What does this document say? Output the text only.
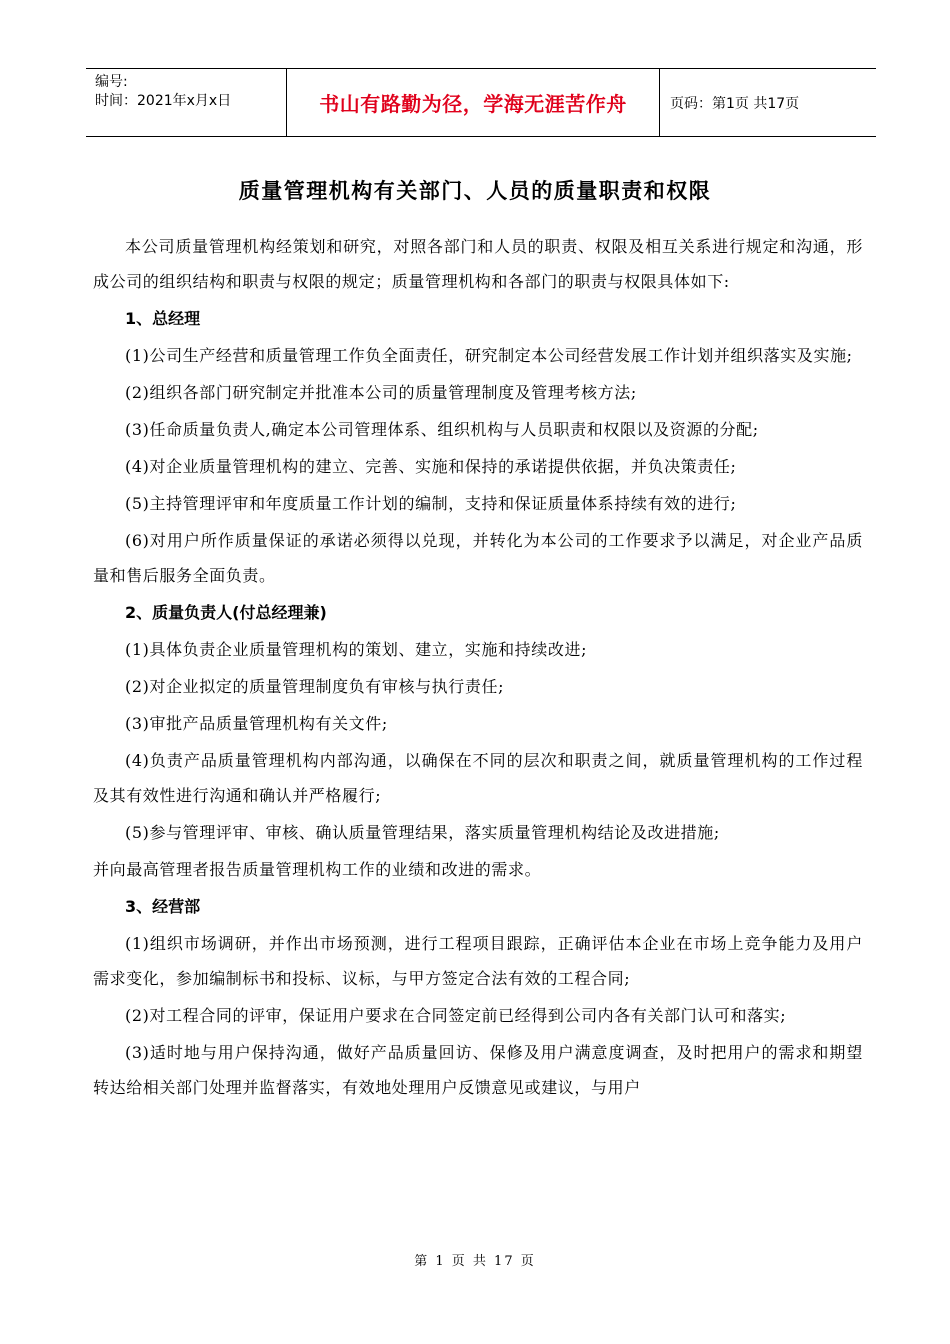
编号:
时间：2021年x月x日	书山有路勤为径，学海无涯苦作舟	页码：第1页 共17页
质量管理机构有关部门、人员的质量职责和权限

本公司质量管理机构经策划和研究，对照各部门和人员的职责、权限及相互关系进行规定和沟通，形成公司的组织结构和职责与权限的规定；质量管理机构和各部门的职责与权限具体如下:

1、总经理

(1)公司生产经营和质量管理工作负全面责任，研究制定本公司经营发展工作计划并组织落实及实施;

(2)组织各部门研究制定并批准本公司的质量管理制度及管理考核方法;

(3)任命质量负责人,确定本公司管理体系、组织机构与人员职责和权限以及资源的分配;

(4)对企业质量管理机构的建立、完善、实施和保持的承诺提供依据，并负决策责任;

(5)主持管理评审和年度质量工作计划的编制，支持和保证质量体系持续有效的进行;

(6)对用户所作质量保证的承诺必须得以兑现，并转化为本公司的工作要求予以满足，对企业产品质量和售后服务全面负责。

2、质量负责人(付总经理兼)

(1)具体负责企业质量管理机构的策划、建立，实施和持续改进;

(2)对企业拟定的质量管理制度负有审核与执行责任;

(3)审批产品质量管理机构有关文件;

(4)负责产品质量管理机构内部沟通，以确保在不同的层次和职责之间，就质量管理机构的工作过程及其有效性进行沟通和确认并严格履行;

(5)参与管理评审、审核、确认质量管理结果，落实质量管理机构结论及改进措施;

并向最高管理者报告质量管理机构工作的业绩和改进的需求。

3、经营部

(1)组织市场调研，并作出市场预测，进行工程项目跟踪，正确评估本企业在市场上竞争能力及用户需求变化，参加编制标书和投标、议标，与甲方签定合法有效的工程合同;

(2)对工程合同的评审，保证用户要求在合同签定前已经得到公司内各有关部门认可和落实;

(3)适时地与用户保持沟通，做好产品质量回访、保修及用户满意度调查，及时把用户的需求和期望转达给相关部门处理并监督落实，有效地处理用户反馈意见或建议，与用户

第 1 页 共 17 页
